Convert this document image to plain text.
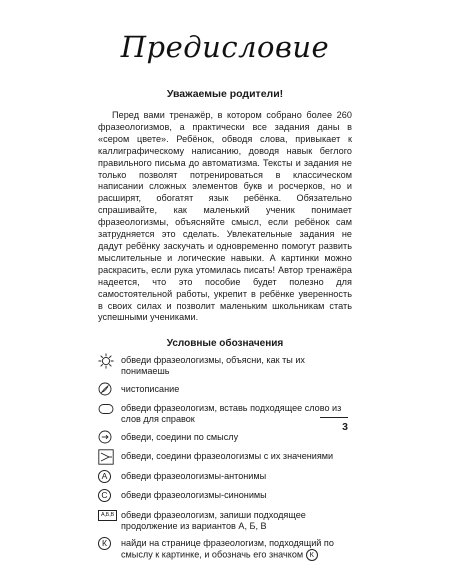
Предисловие
Уважаемые родители!
Перед вами тренажёр, в котором собрано более 260 фразеологизмов, а практически все задания даны в «сером цвете». Ребёнок, обводя слова, привыкает к каллиграфическому написанию, доводя навык беглого правильного письма до автоматизма. Тексты и задания не только позволят потренироваться в классическом написании сложных элементов букв и росчерков, но и расширят, обогатят язык ребёнка. Обязательно спрашивайте, как маленький ученик понимает фразеологизмы, объясняйте смысл, если ребёнок сам затрудняется это сделать. Увлекательные задания не дадут ребёнку заскучать и одновременно помогут развить мыслительные и логические навыки. А картинки можно раскрасить, если рука утомилась писать! Автор тренажёра надеется, что это пособие будет полезно для самостоятельной работы, укрепит в ребёнке уверенность в своих силах и позволит маленьким школьникам стать успешными учениками.
Условные обозначения
обведи фразеологизмы, объясни, как ты их понимаешь
чистописание
обведи фразеологизм, вставь подходящее слово из слов для справок
обведи, соедини по смыслу
обведи, соедини фразеологизмы с их значениями
А	обведи фразеологизмы-антонимы
С	обведи фразеологизмы-синонимы
А,Б,В обведи фразеологизм, запиши подходящее продолжение из вариантов А, Б, В
К	найди на странице фразеологизм, подходящий по смыслу к картинке, и обозначь его значком К
3
